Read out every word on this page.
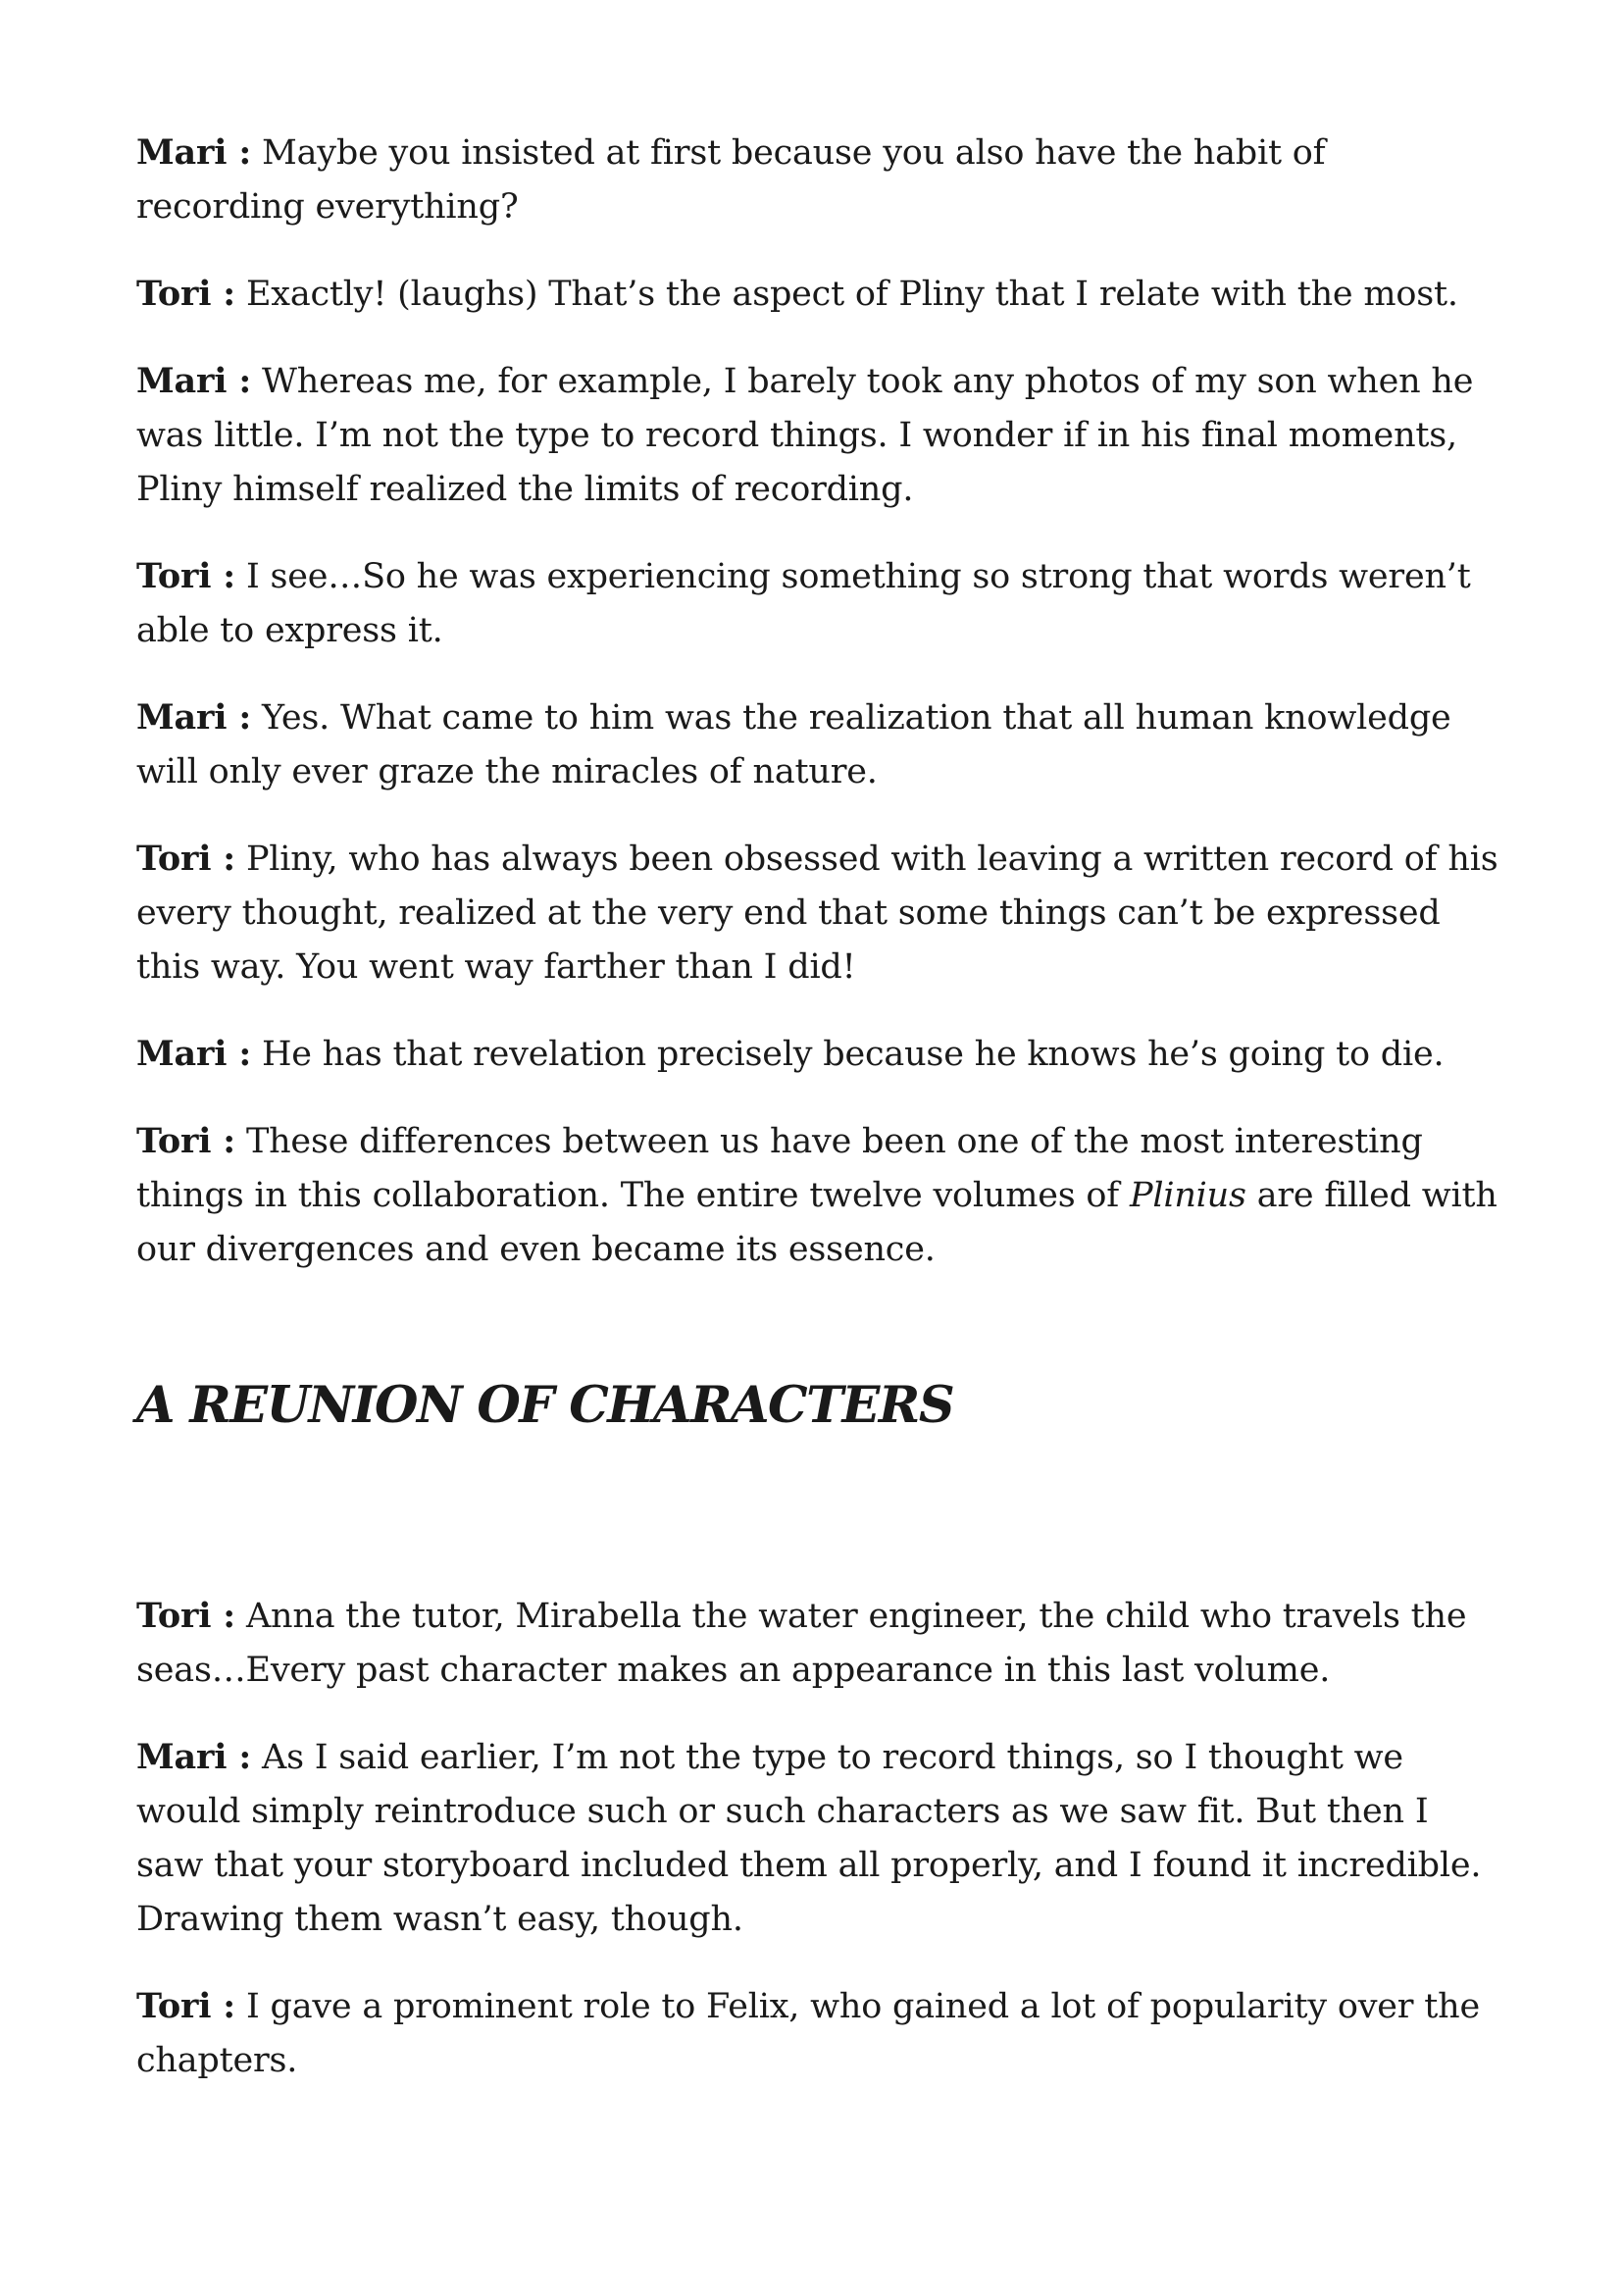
Mari : Maybe you insisted at first because you also have the habit of recording everything?

Tori : Exactly! (laughs) That’s the aspect of Pliny that I relate with the most.

Mari : Whereas me, for example, I barely took any photos of my son when he was little. I’m not the type to record things. I wonder if in his final moments, Pliny himself realized the limits of recording.

Tori : I see…So he was experiencing something so strong that words weren’t able to express it.

Mari : Yes. What came to him was the realization that all human knowledge will only ever graze the miracles of nature.

Tori : Pliny, who has always been obsessed with leaving a written record of his every thought, realized at the very end that some things can’t be expressed this way. You went way farther than I did!

Mari : He has that revelation precisely because he knows he’s going to die.

Tori : These differences between us have been one of the most interesting things in this collaboration. The entire twelve volumes of Plinius are filled with our divergences and even became its essence.

A REUNION OF CHARACTERS

Tori : Anna the tutor, Mirabella the water engineer, the child who travels the seas…Every past character makes an appearance in this last volume.

Mari : As I said earlier, I’m not the type to record things, so I thought we would simply reintroduce such or such characters as we saw fit. But then I saw that your storyboard included them all properly, and I found it incredible. Drawing them wasn’t easy, though.

Tori : I gave a prominent role to Felix, who gained a lot of popularity over the chapters.
